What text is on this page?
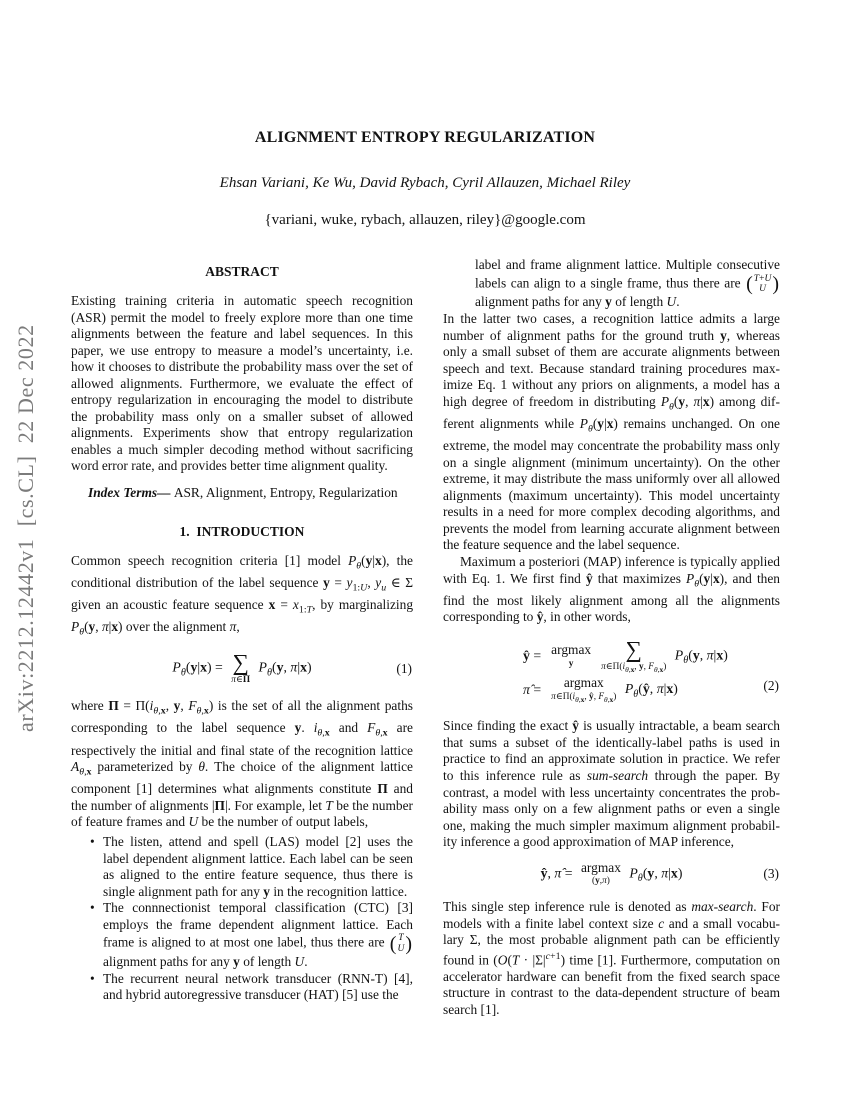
arXiv:2212.12442v1  [cs.CL]  22 Dec 2022
ALIGNMENT ENTROPY REGULARIZATION
Ehsan Variani, Ke Wu, David Rybach, Cyril Allauzen, Michael Riley
{variani, wuke, rybach, allauzen, riley}@google.com
ABSTRACT

Existing training criteria in automatic speech recognition (ASR) permit the model to freely explore more than one time alignments between the feature and label sequences. In this paper, we use entropy to measure a model’s uncertainty, i.e. how it chooses to distribute the probability mass over the set of allowed alignments. Furthermore, we evaluate the effect of entropy regularization in encouraging the model to distribute the probability mass only on a smaller subset of allowed alignments. Experiments show that entropy regularization enables a much simpler decoding method without sacrificing word error rate, and provides better time alignment quality.

Index Terms— ASR, Alignment, Entropy, Regularization

1.  INTRODUCTION

Common speech recognition criteria [1] model $P_\theta(y|x)$, the conditional distribution of the label sequence $y = y_{1:U}$, $y_u$ ∈ Σ given an acoustic feature sequence $x = x_{1:T}$, by marginalizing $P_\theta(y$, π|x) over the alignment π,

$P_\theta(y|x)$ = ∑
π∈Π
$P_\theta(y$, π|x)	(1)

where $\Pi = \Pi(i_{\theta,x}$, y, $F_{\theta,x}$) is the set of all the alignment paths corresponding to the label sequence y. $i_{\theta,x}$ and $F_{\theta,x}$ are respectively the initial and final state of the recognition lattice $A_{\theta,x}$ parameterized by θ. The choice of the alignment lattice component [1] determines what alignments constitute Π and the number of alignments |Π|. For example, let T be the number of feature frames and U be the number of output labels,

• The listen, attend and spell (LAS) model [2] uses the label dependent alignment lattice. Each label can be seen as aligned to the entire feature sequence, thus there is single alignment path for any y in the recognition lattice.
• The connnectionist temporal classification (CTC) [3] employs the frame dependent alignment lattice. Each frame is aligned to at most one label, thus there are ( T
U )
alignment paths for any y of length U.
• The recurrent neural network transducer (RNN-T) [4], and hybrid autoregressive transducer (HAT) [5] use the
label and frame alignment lattice. Multiple consecutive labels can align to a single frame, thus there are ( T+U
U )
alignment paths for any y of length U.

In the latter two cases, a recognition lattice admits a large number of alignment paths for the ground truth y, whereas only a small subset of them are accurate alignments between speech and text. Because standard training procedures maximize Eq. 1 without any priors on alignments, a model has a high degree of freedom in distributing $P_\theta(y$, π|x) among different alignments while $P_\theta(y|x)$ remains unchanged. On one extreme, the model may concentrate the probability mass only on a single alignment (minimum uncertainty). On the other extreme, it may distribute the mass uniformly over all allowed alignments (maximum uncertainty). This model uncertainty results in a need for more complex decoding algorithms, and prevents the model from learning accurate alignment between the feature sequence and the label sequence.

Maximum a posteriori (MAP) inference is typically applied with Eq. 1. We first find ŷ that maximizes $P_\theta(y|x)$, and then find the most likely alignment among all the alignments corresponding to ŷ, in other words,

ŷ = argmax
y
∑
$\pi\in\Pi(i_{\theta,x}$, y, $F_{\theta,x}$)
$P_\theta(y$, π|x)
π̂ = argmax
$\pi\in\Pi(i_{\theta,x}$, ŷ, $F_{\theta,x}$)
$P_\theta(ŷ$, π|x)	(2)

Since finding the exact ŷ is usually intractable, a beam search that sums a subset of the identically-label paths is used in practice to find an approximate solution in practice. We refer to this inference rule as sum-search through the paper. By contrast, a model with less uncertainty concentrates the probability mass only on a few alignment paths or even a single one, making the much simpler maximum alignment probability inference a good approximation of MAP inference,

ŷ, π̂ = argmax
(y,π)
$P_\theta(y$, π|x)	(3)

This single step inference rule is denoted as max-search. For models with a finite label context size c and a small vocabulary Σ, the most probable alignment path can be efficiently found in ($O(T \cdot |\Sigma|^{c+1})$ time [1]. Furthermore, computation on accelerator hardware can benefit from the fixed search space structure in contrast to the data-dependent structure of beam search [1].
